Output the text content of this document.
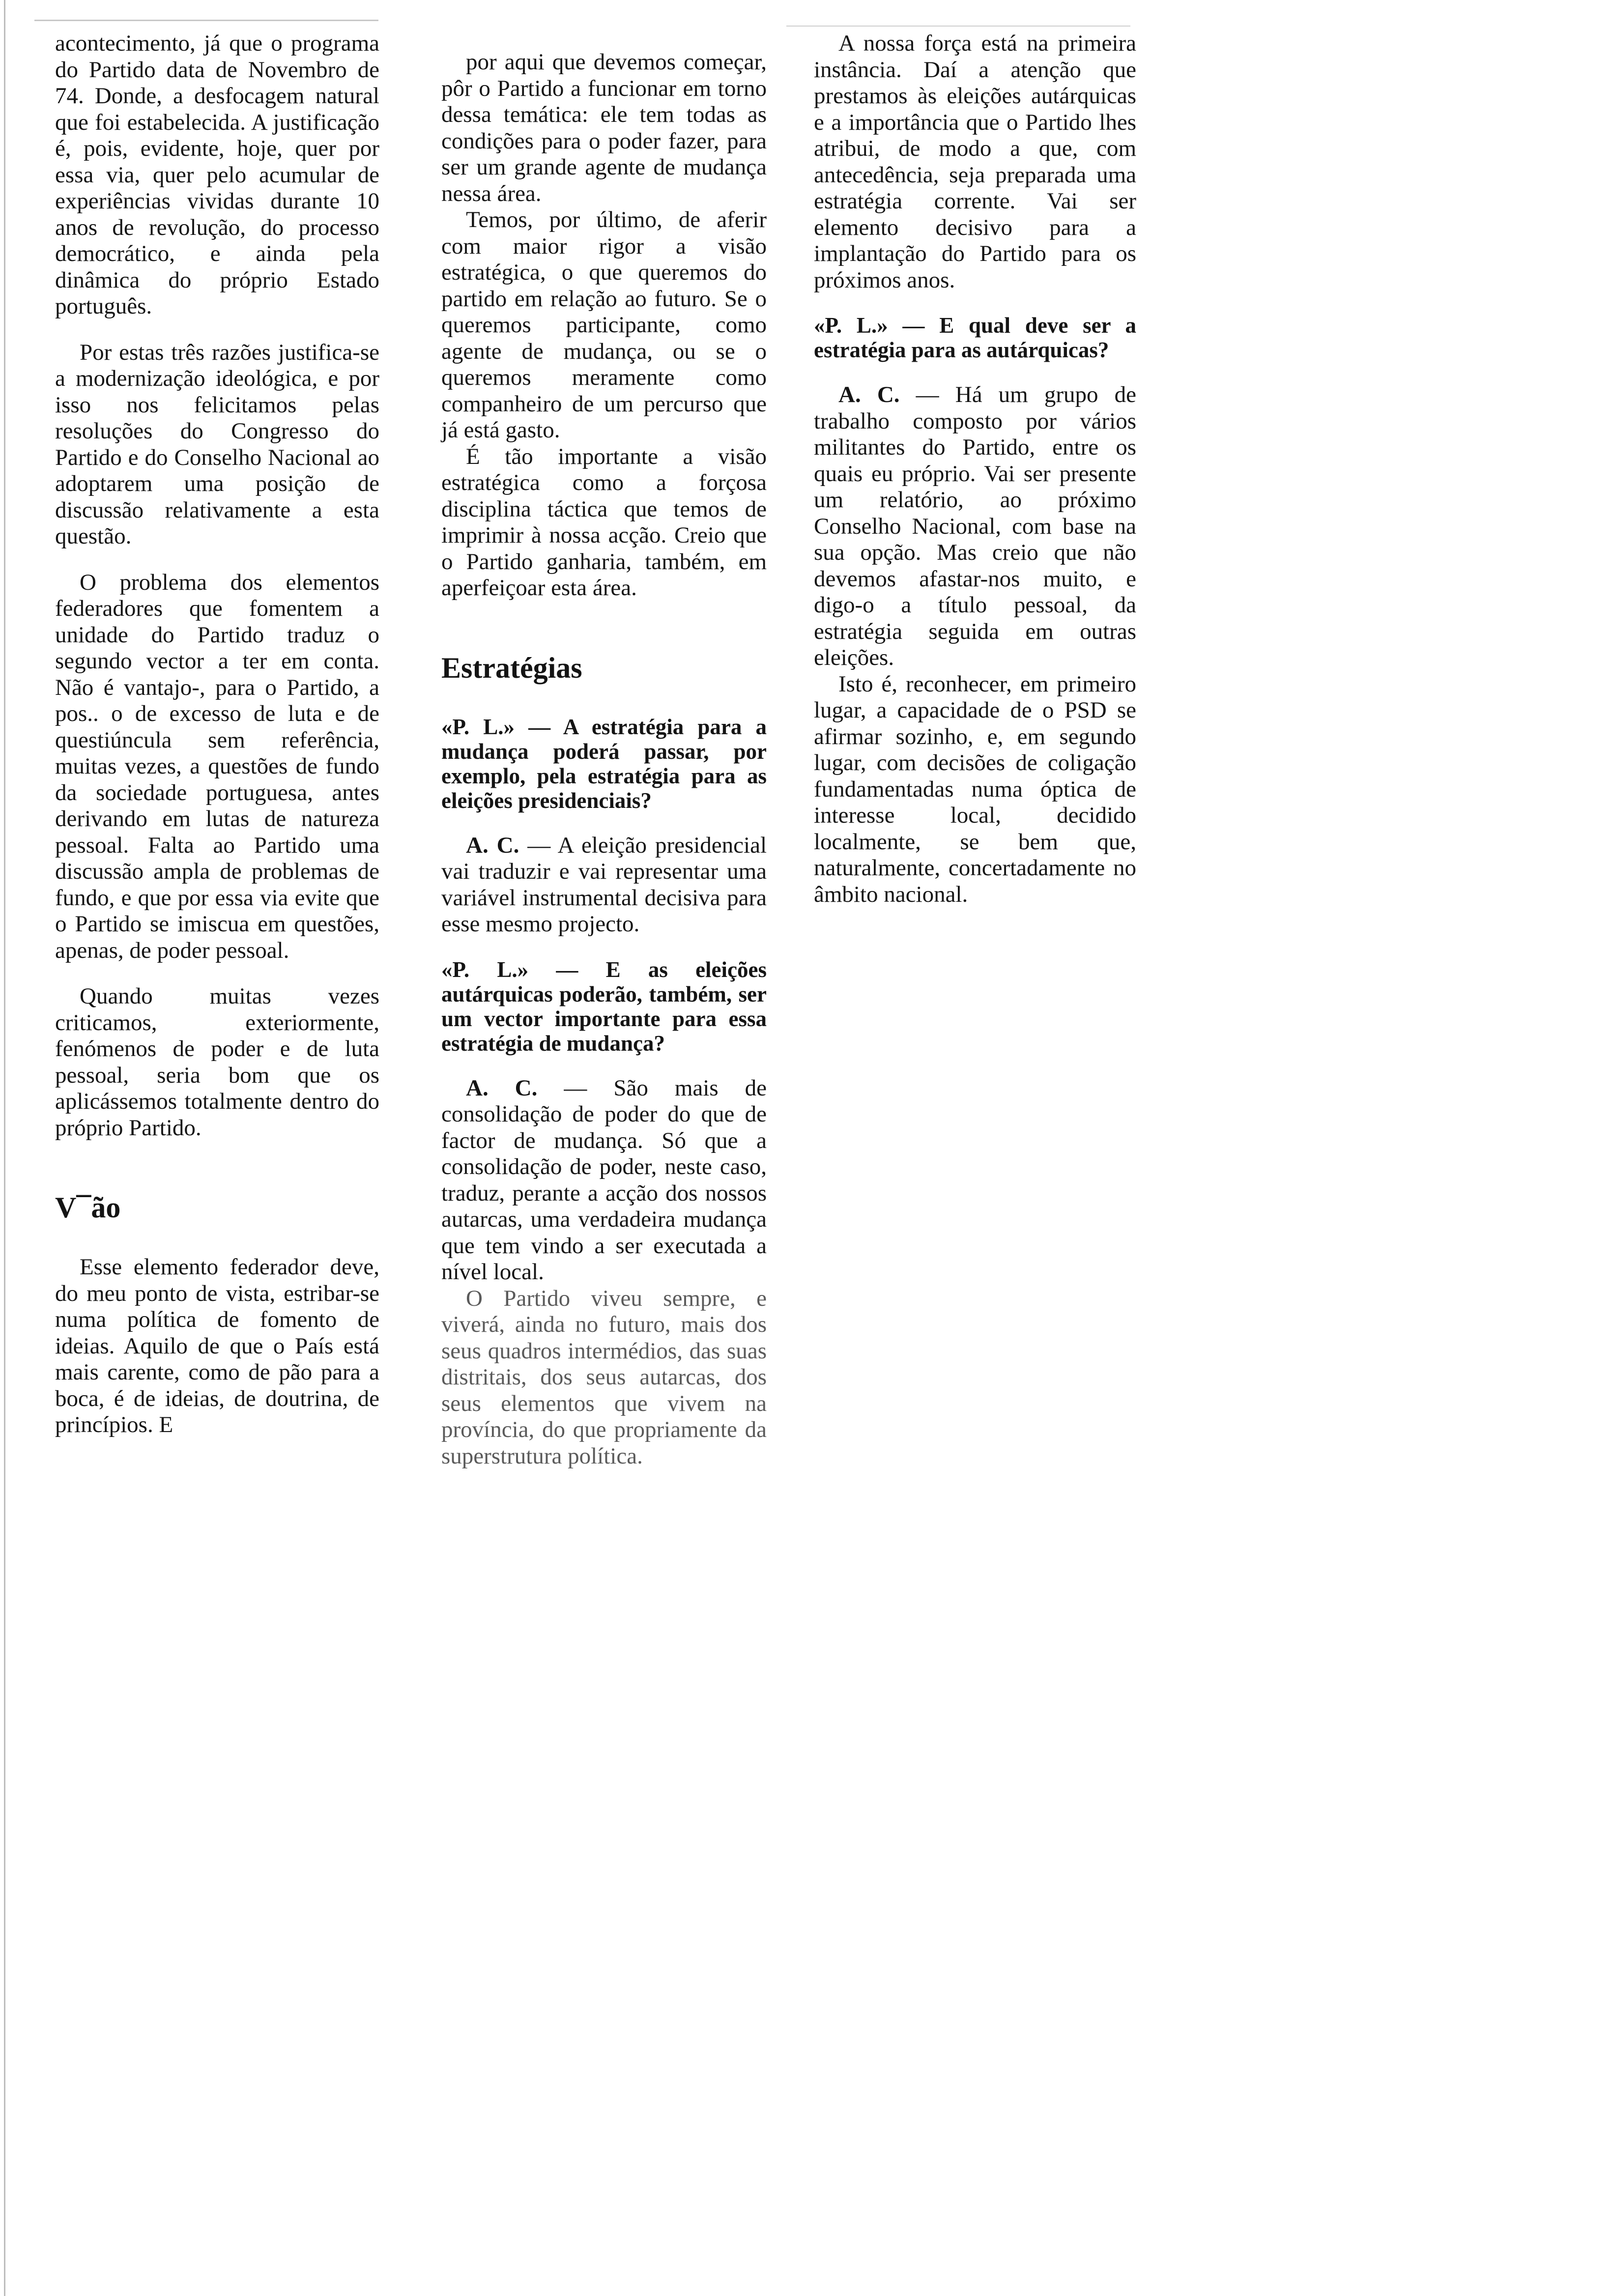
acontecimento, já que o programa do Partido data de Novembro de 74. Donde, a desfocagem natural que foi estabelecida. A justificação é, pois, evidente, hoje, quer por essa via, quer pelo acumular de experiências vividas durante 10 anos de revolução, do processo democrático, e ainda pela dinâmica do próprio Estado português.

Por estas três razões justifica-se a modernização ideológica, e por isso nos felicitamos pelas resoluções do Congresso do Partido e do Conselho Nacional ao adoptarem uma posição de discussão relativamente a esta questão.

O problema dos elementos federadores que fomentem a unidade do Partido traduz o segundo vector a ter em conta. Não é vantajo-, para o Partido, a pos.. o de excesso de luta e de questiúncula sem referência, muitas vezes, a questões de fundo da sociedade portuguesa, antes derivando em lutas de natureza pessoal. Falta ao Partido uma discussão ampla de problemas de fundo, e que por essa via evite que o Partido se imiscua em questões, apenas, de poder pessoal.

Quando muitas vezes criticamos, exteriormente, fenómenos de poder e de luta pessoal, seria bom que os aplicássemos totalmente dentro do próprio Partido.

V¯ão

Esse elemento federador deve, do meu ponto de vista, estribar-se numa política de fomento de ideias. Aquilo de que o País está mais carente, como de pão para a boca, é de ideias, de doutrina, de princípios. E

por aqui que devemos começar, pôr o Partido a funcionar em torno dessa temática: ele tem todas as condições para o poder fazer, para ser um grande agente de mudança nessa área.

Temos, por último, de aferir com maior rigor a visão estratégica, o que queremos do partido em relação ao futuro. Se o queremos participante, como agente de mudança, ou se o queremos meramente como companheiro de um percurso que já está gasto.

É tão importante a visão estratégica como a forçosa disciplina táctica que temos de imprimir à nossa acção. Creio que o Partido ganharia, também, em aperfeiçoar esta área.

Estratégias

«P. L.» — A estratégia para a mudança poderá passar, por exemplo, pela estratégia para as eleições presidenciais?

A. C. — A eleição presidencial vai traduzir e vai representar uma variável instrumental decisiva para esse mesmo projecto.

«P. L.» — E as eleições autárquicas poderão, também, ser um vector importante para essa estratégia de mudança?

A. C. — São mais de consolidação de poder do que de factor de mudança. Só que a consolidação de poder, neste caso, traduz, perante a acção dos nossos autarcas, uma verdadeira mudança que tem vindo a ser executada a nível local.

O Partido viveu sempre, e viverá, ainda no futuro, mais dos seus quadros intermédios, das suas distritais, dos seus autarcas, dos seus elementos que vivem na província, do que propriamente da superstrutura política.

A nossa força está na primeira instância. Daí a atenção que prestamos às eleições autárquicas e a importância que o Partido lhes atribui, de modo a que, com antecedência, seja preparada uma estratégia corrente. Vai ser elemento decisivo para a implantação do Partido para os próximos anos.

«P. L.» — E qual deve ser a estratégia para as autárquicas?

A. C. — Há um grupo de trabalho composto por vários militantes do Partido, entre os quais eu próprio. Vai ser presente um relatório, ao próximo Conselho Nacional, com base na sua opção. Mas creio que não devemos afastar-nos muito, e digo-o a título pessoal, da estratégia seguida em outras eleições.

Isto é, reconhecer, em primeiro lugar, a capacidade de o PSD se afirmar sozinho, e, em segundo lugar, com decisões de coligação fundamentadas numa óptica de interesse local, decidido localmente, se bem que, naturalmente, concertadamente no âmbito nacional.
